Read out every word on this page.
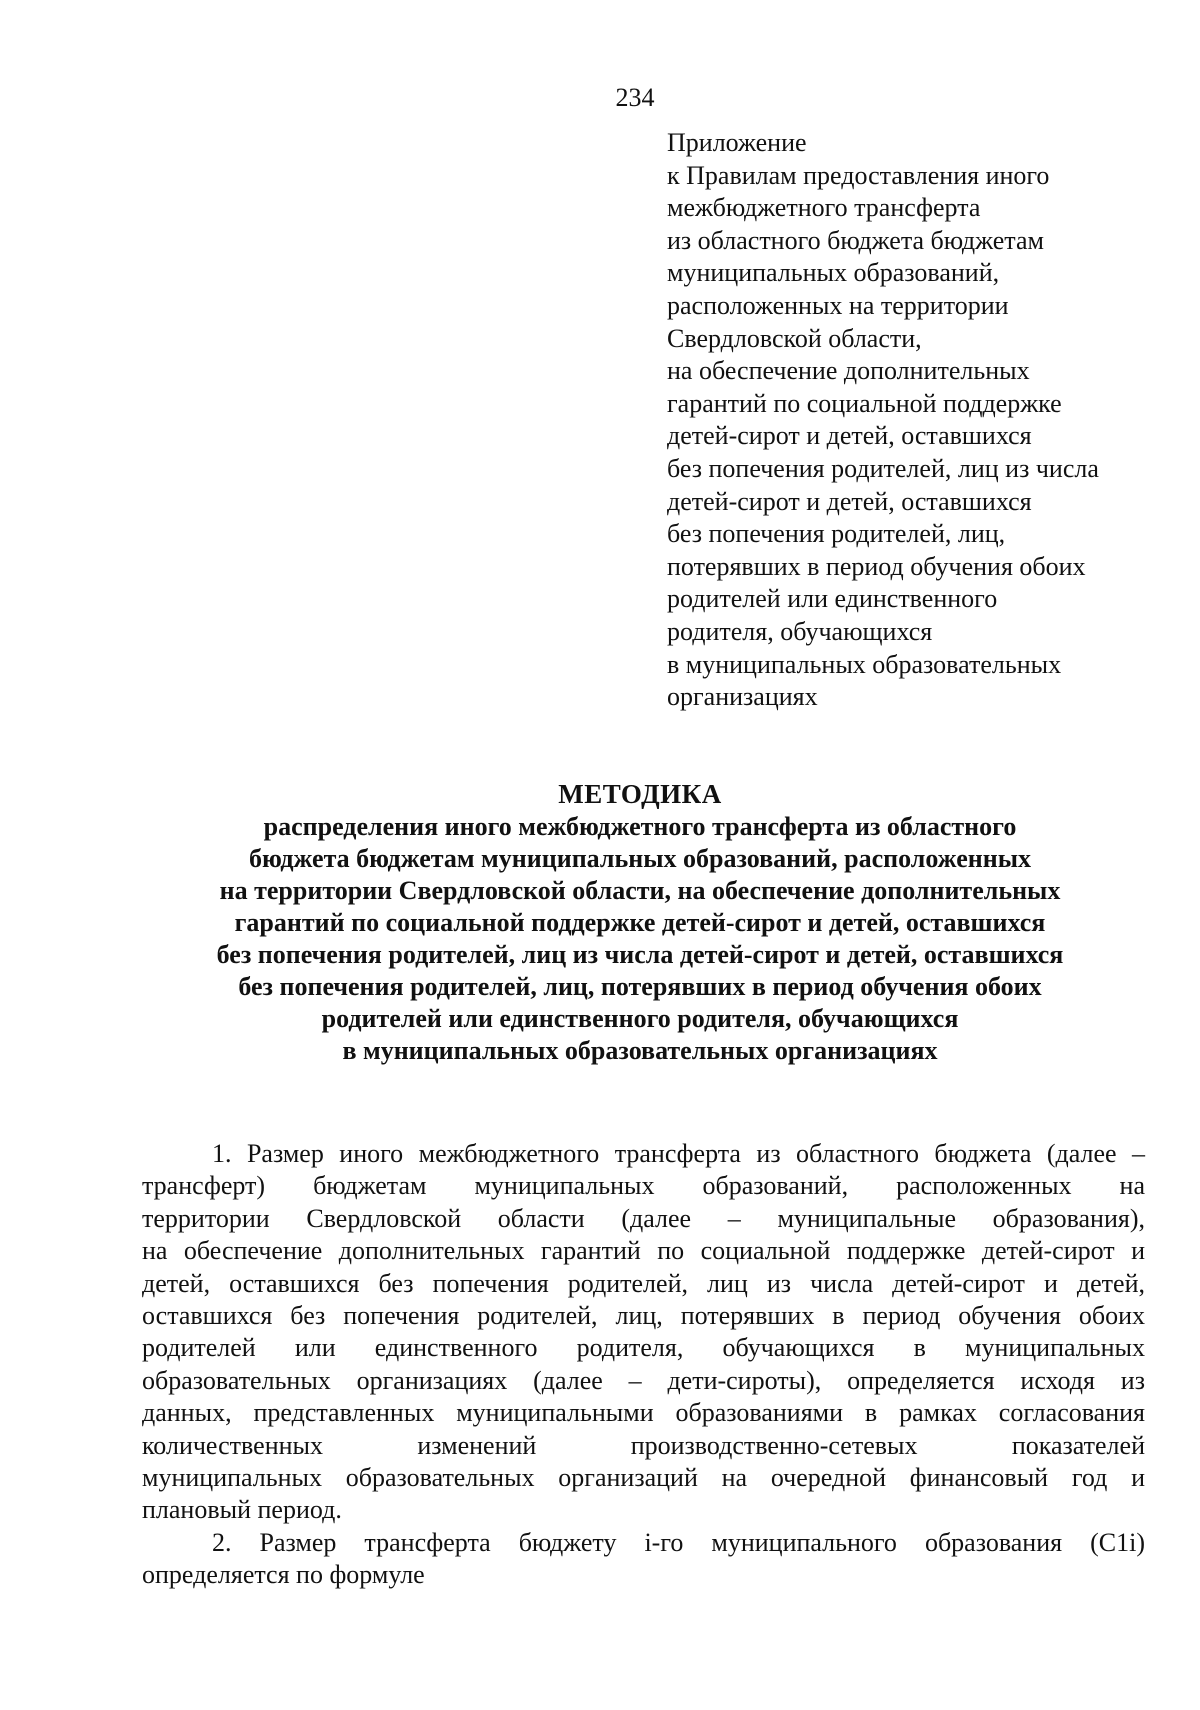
234
Приложение
к Правилам предоставления иного
межбюджетного трансферта
из областного бюджета бюджетам
муниципальных образований,
расположенных на территории
Свердловской области,
на обеспечение дополнительных
гарантий по социальной поддержке
детей-сирот и детей, оставшихся
без попечения родителей, лиц из числа
детей-сирот и детей, оставшихся
без попечения родителей, лиц,
потерявших в период обучения обоих
родителей или единственного
родителя, обучающихся
в муниципальных образовательных
организациях
МЕТОДИКА
распределения иного межбюджетного трансферта из областного
бюджета бюджетам муниципальных образований, расположенных
на территории Свердловской области, на обеспечение дополнительных
гарантий по социальной поддержке детей-сирот и детей, оставшихся
без попечения родителей, лиц из числа детей-сирот и детей, оставшихся
без попечения родителей, лиц, потерявших в период обучения обоих
родителей или единственного родителя, обучающихся
в муниципальных образовательных организациях
1. Размер иного межбюджетного трансферта из областного бюджета (далее –
трансферт) бюджетам муниципальных образований, расположенных на
территории Свердловской области (далее – муниципальные образования),
на обеспечение дополнительных гарантий по социальной поддержке детей-сирот и
детей, оставшихся без попечения родителей, лиц из числа детей-сирот и детей,
оставшихся без попечения родителей, лиц, потерявших в период обучения обоих
родителей или единственного родителя, обучающихся в муниципальных
образовательных организациях (далее – дети-сироты), определяется исходя из
данных, представленных муниципальными образованиями в рамках согласования
количественных изменений производственно-сетевых показателей
муниципальных образовательных организаций на очередной финансовый год и
плановый период.
2. Размер трансферта бюджету i-го муниципального образования (С1i)
определяется по формуле
